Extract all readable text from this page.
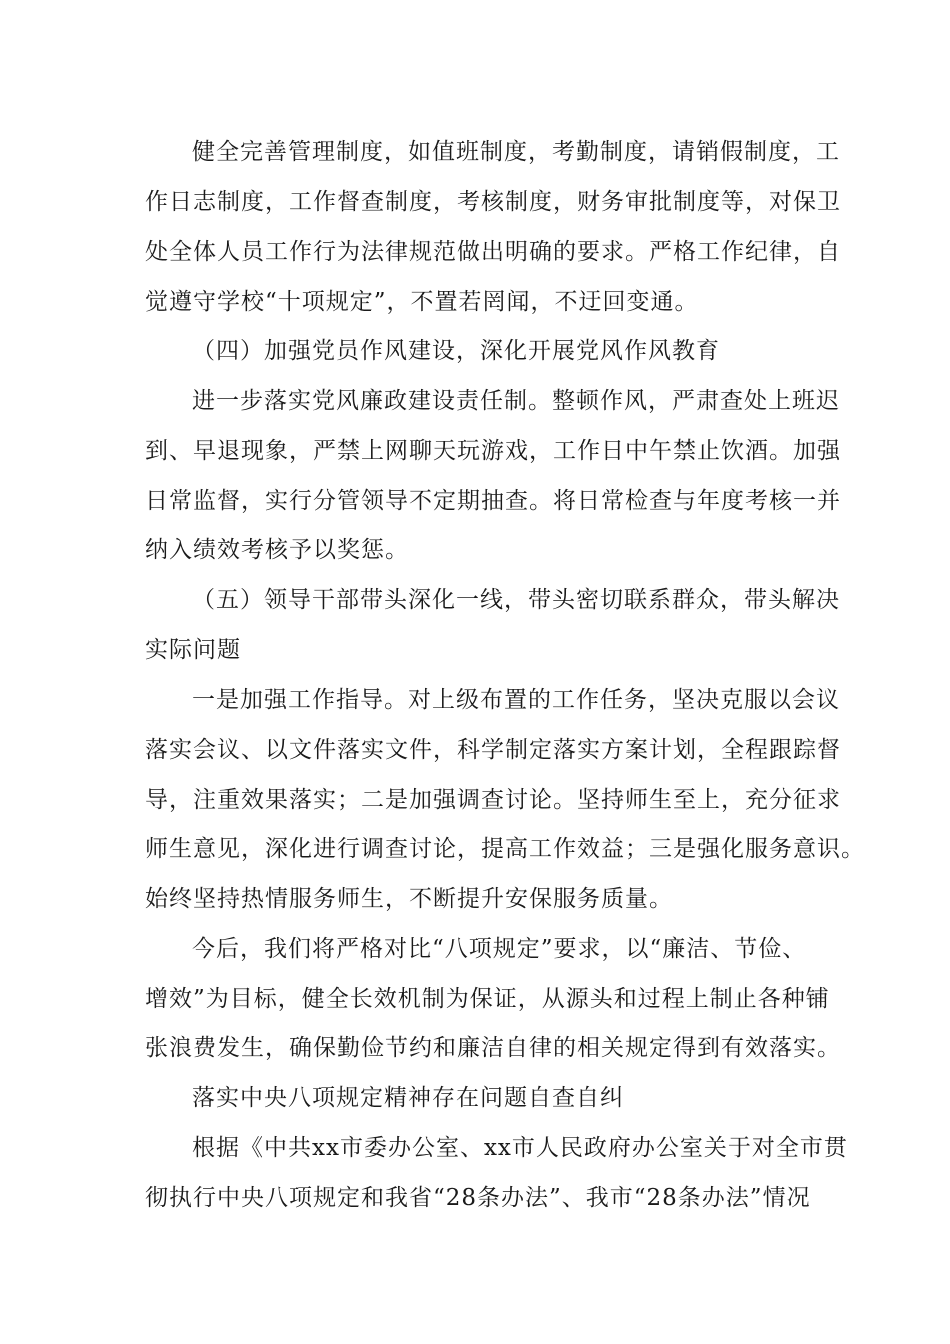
健全完善管理制度，如值班制度，考勤制度，请销假制度，工
作日志制度，工作督查制度，考核制度，财务审批制度等，对保卫
处全体人员工作行为法律规范做出明确的要求。严格工作纪律，自
觉遵守学校“十项规定”，不置若罔闻，不迂回变通。
（四）加强党员作风建设，深化开展党风作风教育
进一步落实党风廉政建设责任制。整顿作风，严肃查处上班迟
到、早退现象，严禁上网聊天玩游戏，工作日中午禁止饮酒。加强
日常监督，实行分管领导不定期抽查。将日常检查与年度考核一并
纳入绩效考核予以奖惩。
（五）领导干部带头深化一线，带头密切联系群众，带头解决
实际问题
一是加强工作指导。对上级布置的工作任务，坚决克服以会议
落实会议、以文件落实文件，科学制定落实方案计划，全程跟踪督
导，注重效果落实；二是加强调查讨论。坚持师生至上，充分征求
师生意见，深化进行调查讨论，提高工作效益；三是强化服务意识。
始终坚持热情服务师生，不断提升安保服务质量。
今后，我们将严格对比“八项规定”要求，以“廉洁、节俭、
增效”为目标，健全长效机制为保证，从源头和过程上制止各种铺
张浪费发生，确保勤俭节约和廉洁自律的相关规定得到有效落实。
落实中央八项规定精神存在问题自查自纠
根据《中共xx市委办公室、xx市人民政府办公室关于对全市贯
彻执行中央八项规定和我省“28条办法”、我市“28条办法”情况
